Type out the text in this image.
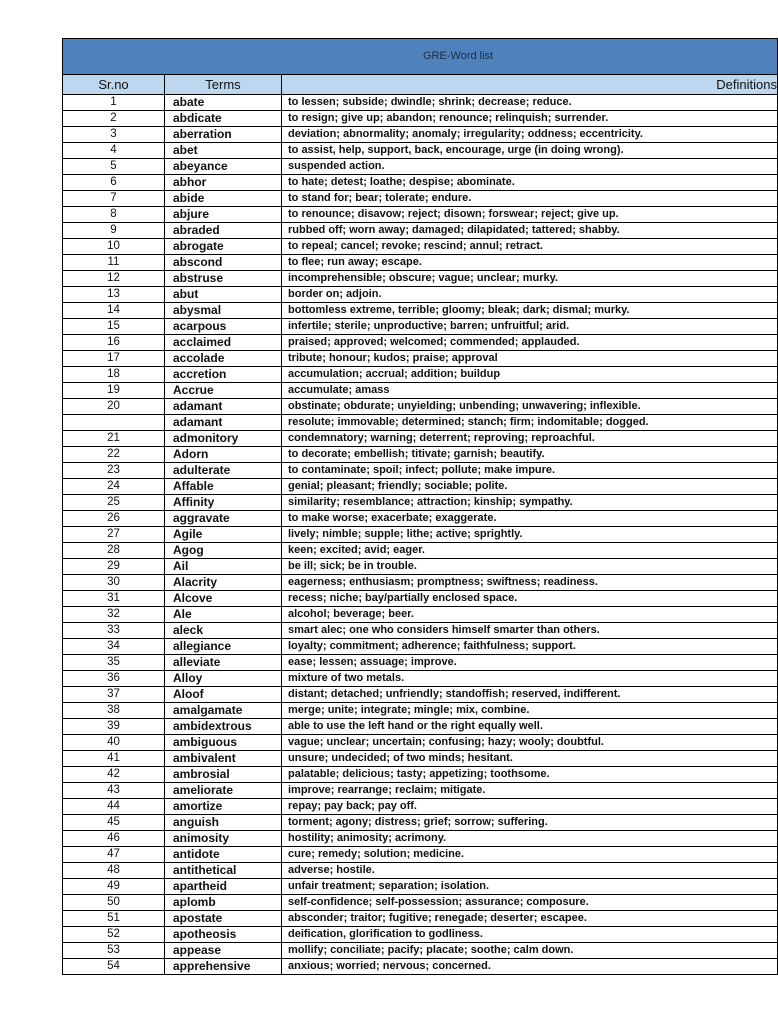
GRE-Word list		
Sr.no	Terms	Definitions
1	abate	to lessen; subside; dwindle; shrink; decrease; reduce.
2	abdicate	to resign; give up; abandon; renounce; relinquish; surrender.
3	aberration	deviation; abnormality; anomaly; irregularity; oddness; eccentricity.
4	abet	to assist, help, support, back, encourage, urge (in doing wrong).
5	abeyance	suspended action.
6	abhor	to hate; detest; loathe; despise; abominate.
7	abide	to stand for; bear; tolerate; endure.
8	abjure	to renounce; disavow; reject; disown; forswear; reject; give up.
9	abraded	rubbed off; worn away; damaged; dilapidated; tattered; shabby.
10	abrogate	to repeal; cancel; revoke; rescind; annul; retract.
11	abscond	to flee; run away; escape.
12	abstruse	incomprehensible; obscure; vague; unclear; murky.
13	abut	border on; adjoin.
14	abysmal	bottomless extreme, terrible; gloomy; bleak; dark; dismal; murky.
15	acarpous	infertile; sterile; unproductive; barren; unfruitful; arid.
16	acclaimed	praised; approved; welcomed; commended; applauded.
17	accolade	tribute; honour; kudos; praise; approval
18	accretion	accumulation; accrual; addition; buildup
19	Accrue	accumulate; amass
20	adamant	obstinate; obdurate; unyielding; unbending; unwavering; inflexible.
	adamant	resolute; immovable; determined; stanch; firm; indomitable; dogged.
21	admonitory	condemnatory; warning; deterrent; reproving; reproachful.
22	Adorn	to decorate; embellish; titivate; garnish; beautify.
23	adulterate	to contaminate; spoil; infect; pollute; make impure.
24	Affable	genial; pleasant; friendly; sociable; polite.
25	Affinity	similarity; resemblance; attraction; kinship; sympathy.
26	aggravate	to make worse; exacerbate; exaggerate.
27	Agile	lively; nimble; supple; lithe; active; sprightly.
28	Agog	keen; excited; avid; eager.
29	Ail	be ill; sick; be in trouble.
30	Alacrity	eagerness; enthusiasm; promptness; swiftness; readiness.
31	Alcove	recess; niche; bay/partially enclosed space.
32	Ale	alcohol; beverage; beer.
33	aleck	smart alec; one who considers himself smarter than others.
34	allegiance	loyalty; commitment; adherence; faithfulness; support.
35	alleviate	ease; lessen; assuage; improve.
36	Alloy	mixture of two metals.
37	Aloof	distant; detached; unfriendly; standoffish; reserved, indifferent.
38	amalgamate	merge; unite; integrate; mingle; mix, combine.
39	ambidextrous	able to use the left hand or the right equally well.
40	ambiguous	vague; unclear; uncertain; confusing; hazy; wooly; doubtful.
41	ambivalent	unsure; undecided; of two minds; hesitant.
42	ambrosial	palatable; delicious; tasty; appetizing; toothsome.
43	ameliorate	improve; rearrange; reclaim; mitigate.
44	amortize	repay; pay back; pay off.
45	anguish	torment; agony; distress; grief; sorrow; suffering.
46	animosity	hostility; animosity; acrimony.
47	antidote	cure; remedy; solution; medicine.
48	antithetical	adverse; hostile.
49	apartheid	unfair treatment; separation; isolation.
50	aplomb	self-confidence; self-possession; assurance; composure.
51	apostate	absconder; traitor; fugitive; renegade; deserter; escapee.
52	apotheosis	deification, glorification to godliness.
53	appease	mollify; conciliate; pacify; placate; soothe; calm down.
54	apprehensive	anxious; worried; nervous; concerned.
